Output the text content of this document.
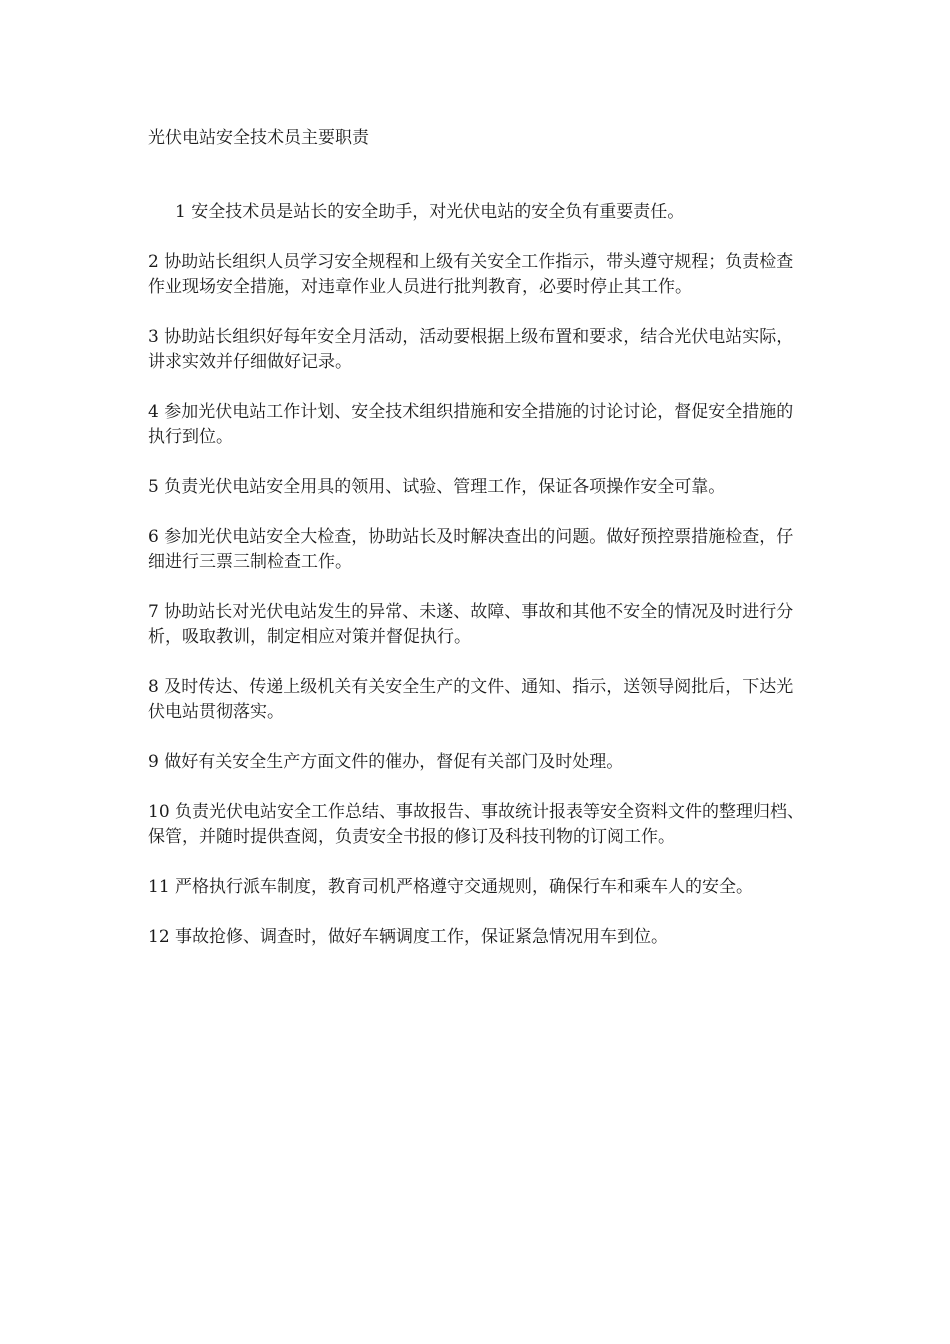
光伏电站安全技术员主要职责

1 安全技术员是站长的安全助手，对光伏电站的安全负有重要责任。

2 协助站长组织人员学习安全规程和上级有关安全工作指示，带头遵守规程；负责检查作业现场安全措施，对违章作业人员进行批判教育，必要时停止其工作。

3 协助站长组织好每年安全月活动，活动要根据上级布置和要求，结合光伏电站实际，讲求实效并仔细做好记录。

4 参加光伏电站工作计划、安全技术组织措施和安全措施的讨论讨论，督促安全措施的执行到位。

5 负责光伏电站安全用具的领用、试验、管理工作，保证各项操作安全可靠。

6 参加光伏电站安全大检查，协助站长及时解决查出的问题。做好预控票措施检查，仔细进行三票三制检查工作。

7 协助站长对光伏电站发生的异常、未遂、故障、事故和其他不安全的情况及时进行分析，吸取教训，制定相应对策并督促执行。

8 及时传达、传递上级机关有关安全生产的文件、通知、指示，送领导阅批后，下达光伏电站贯彻落实。

9 做好有关安全生产方面文件的催办，督促有关部门及时处理。

10 负责光伏电站安全工作总结、事故报告、事故统计报表等安全资料文件的整理归档、保管，并随时提供查阅，负责安全书报的修订及科技刊物的订阅工作。

11 严格执行派车制度，教育司机严格遵守交通规则，确保行车和乘车人的安全。

12 事故抢修、调查时，做好车辆调度工作，保证紧急情况用车到位。
